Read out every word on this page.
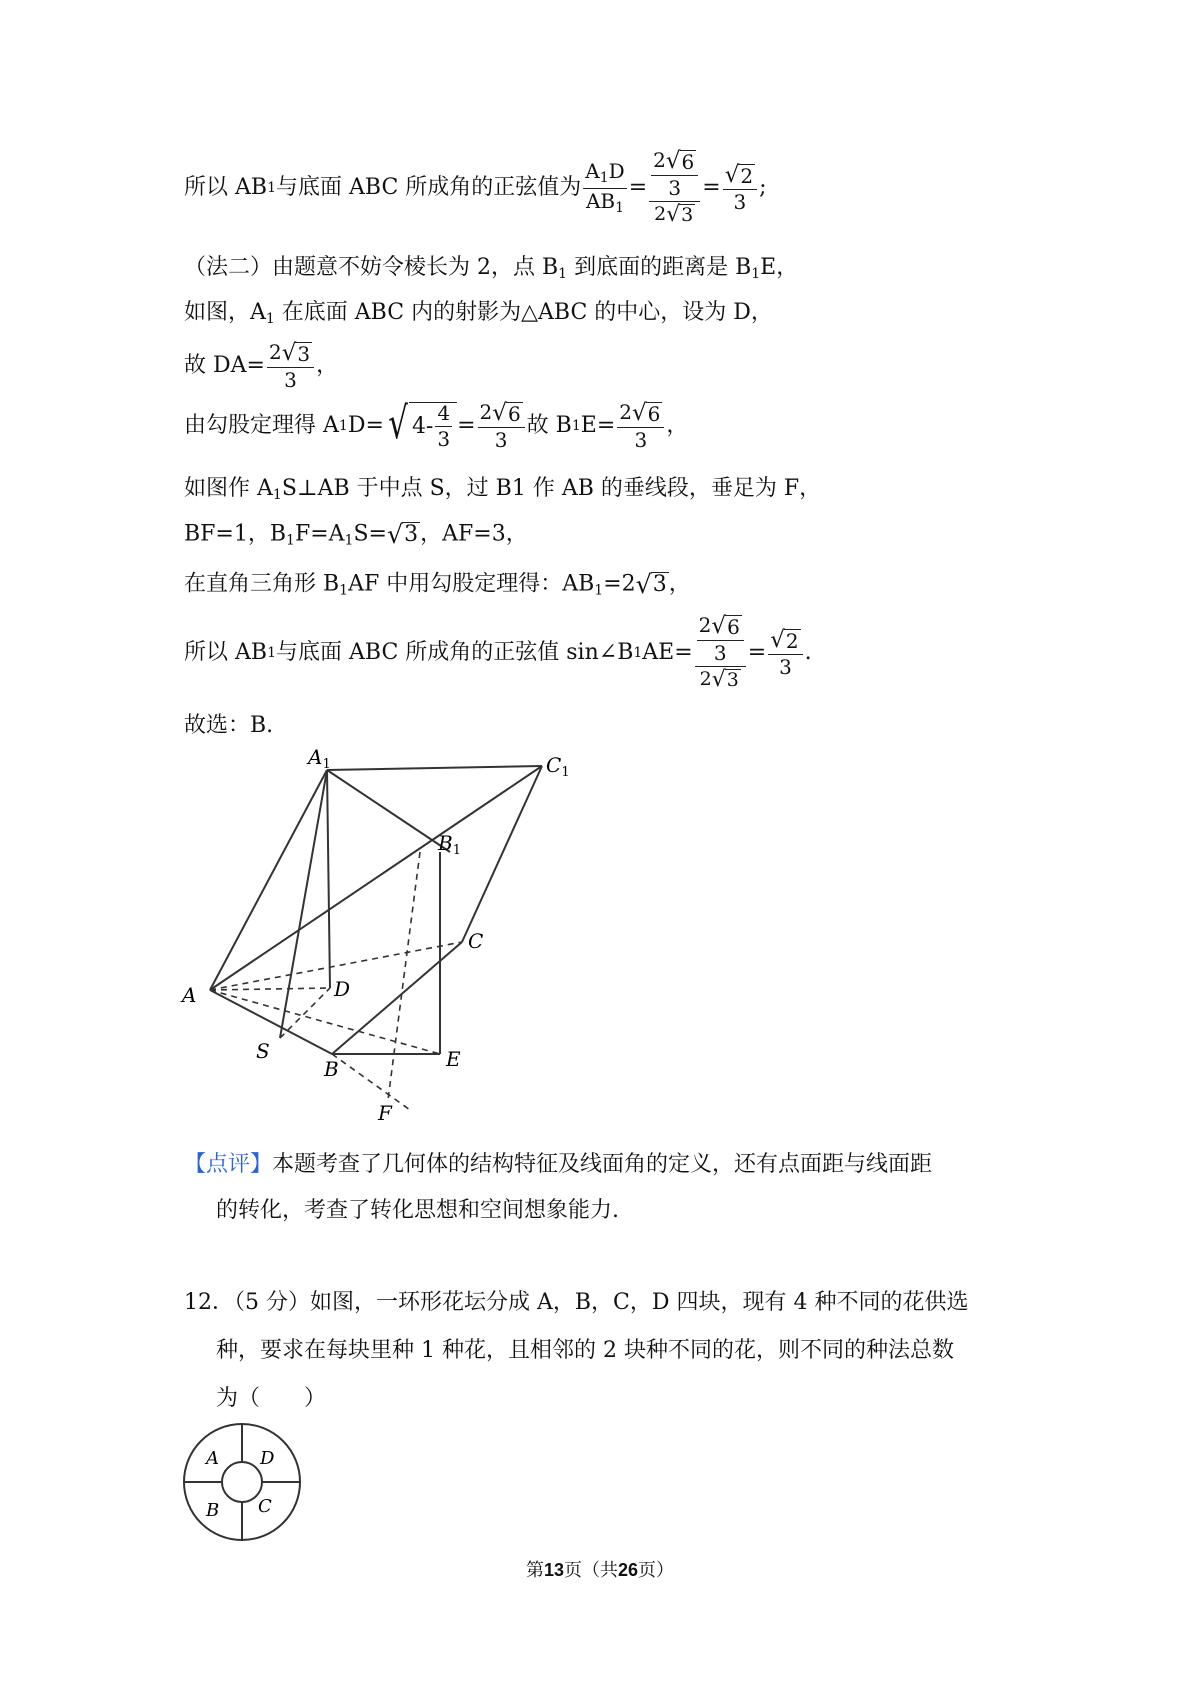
所以 AB 1 与底面 ABC 所成角的正弦值为 $\frac{A_1D}{AB_1} = \frac{\frac{2 √ 6}{3}}{2 √ 3} = \frac{√ 2}{3}$ ;
（法二）由题意不妨令棱长为 2，点 $B_1$ 到底面的距离是 $B_1E$，
如图，$A_1$ 在底面 ABC 内的射影为△ABC 的中心，设为 D，
故 $DA= \frac{2 √ 3}{3}$ ，
由勾股定理得 A 1 D= √ $4- \frac{4}{3} = \frac{2 √ 6}{3}$ 故 B 1 $E= \frac{2 √ 6}{3}$ ，
如图作 $A_1S\perp AB$ 于中点 S，过 B1 作 AB 的垂线段，垂足为 F，
BF=1，$B_1F=A_1S=$ √ 3 ，AF=3，
在直角三角形 $B_1AF$ 中用勾股定理得：$AB_1=2$ √ 3 ，
所以 AB 1 与底面 ABC 所成角的正弦值 sin∠B 1 $AE= \frac{\frac{2 √ 6}{3}}{2 √ 3} = \frac{√ 2}{3}$ .
故选：B.
$A_1$	$C_1$
$B_1$
C
A	D
S
B	E
F
【点评】本题考查了几何体的结构特征及线面角的定义，还有点面距与线面距
的转化，考查了转化思想和空间想象能力.
12．（5 分）如图，一环形花坛分成 A，B，C，D 四块，现有 4 种不同的花供选
种，要求在每块里种 1 种花，且相邻的 2 块种不同的花，则不同的种法总数
为（　　）
A D
B C
第13页（共26页）
